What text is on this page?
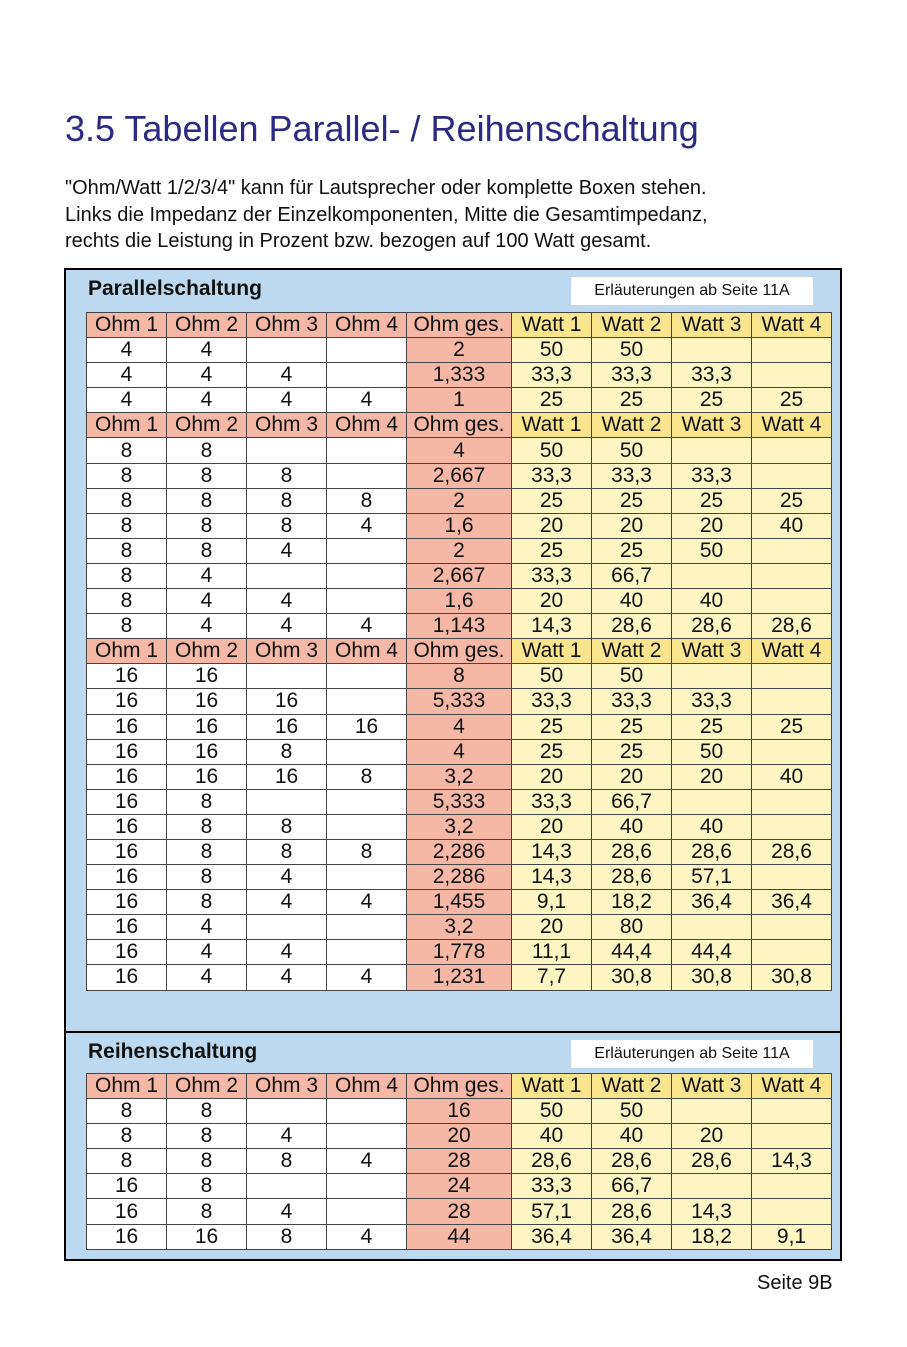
3.5 Tabellen Parallel- / Reihenschaltung
"Ohm/Watt 1/2/3/4" kann für Lautsprecher oder komplette Boxen stehen.
Links die Impedanz der Einzelkomponenten, Mitte die Gesamtimpedanz,
rechts die Leistung in Prozent bzw. bezogen auf 100 Watt gesamt.
Parallelschaltung	Erläuterungen ab Seite 11A
Ohm 1	Ohm 2	Ohm 3	Ohm 4	Ohm ges.	Watt 1	Watt 2	Watt 3	Watt 4
4	4			2	50	50		
4	4	4		1,333	33,3	33,3	33,3	
4	4	4	4	1	25	25	25	25
Ohm 1	Ohm 2	Ohm 3	Ohm 4	Ohm ges.	Watt 1	Watt 2	Watt 3	Watt 4
8	8			4	50	50		
8	8	8		2,667	33,3	33,3	33,3	
8	8	8	8	2	25	25	25	25
8	8	8	4	1,6	20	20	20	40
8	8	4		2	25	25	50	
8	4			2,667	33,3	66,7		
8	4	4		1,6	20	40	40	
8	4	4	4	1,143	14,3	28,6	28,6	28,6
Ohm 1	Ohm 2	Ohm 3	Ohm 4	Ohm ges.	Watt 1	Watt 2	Watt 3	Watt 4
16	16			8	50	50		
16	16	16		5,333	33,3	33,3	33,3	
16	16	16	16	4	25	25	25	25
16	16	8		4	25	25	50	
16	16	16	8	3,2	20	20	20	40
16	8			5,333	33,3	66,7		
16	8	8		3,2	20	40	40	
16	8	8	8	2,286	14,3	28,6	28,6	28,6
16	8	4		2,286	14,3	28,6	57,1	
16	8	4	4	1,455	9,1	18,2	36,4	36,4
16	4			3,2	20	80		
16	4	4		1,778	11,1	44,4	44,4	
16	4	4	4	1,231	7,7	30,8	30,8	30,8
Reihenschaltung	Erläuterungen ab Seite 11A
Ohm 1	Ohm 2	Ohm 3	Ohm 4	Ohm ges.	Watt 1	Watt 2	Watt 3	Watt 4
8	8			16	50	50		
8	8	4		20	40	40	20	
8	8	8	4	28	28,6	28,6	28,6	14,3
16	8			24	33,3	66,7		
16	8	4		28	57,1	28,6	14,3	
16	16	8	4	44	36,4	36,4	18,2	9,1
Seite 9B
